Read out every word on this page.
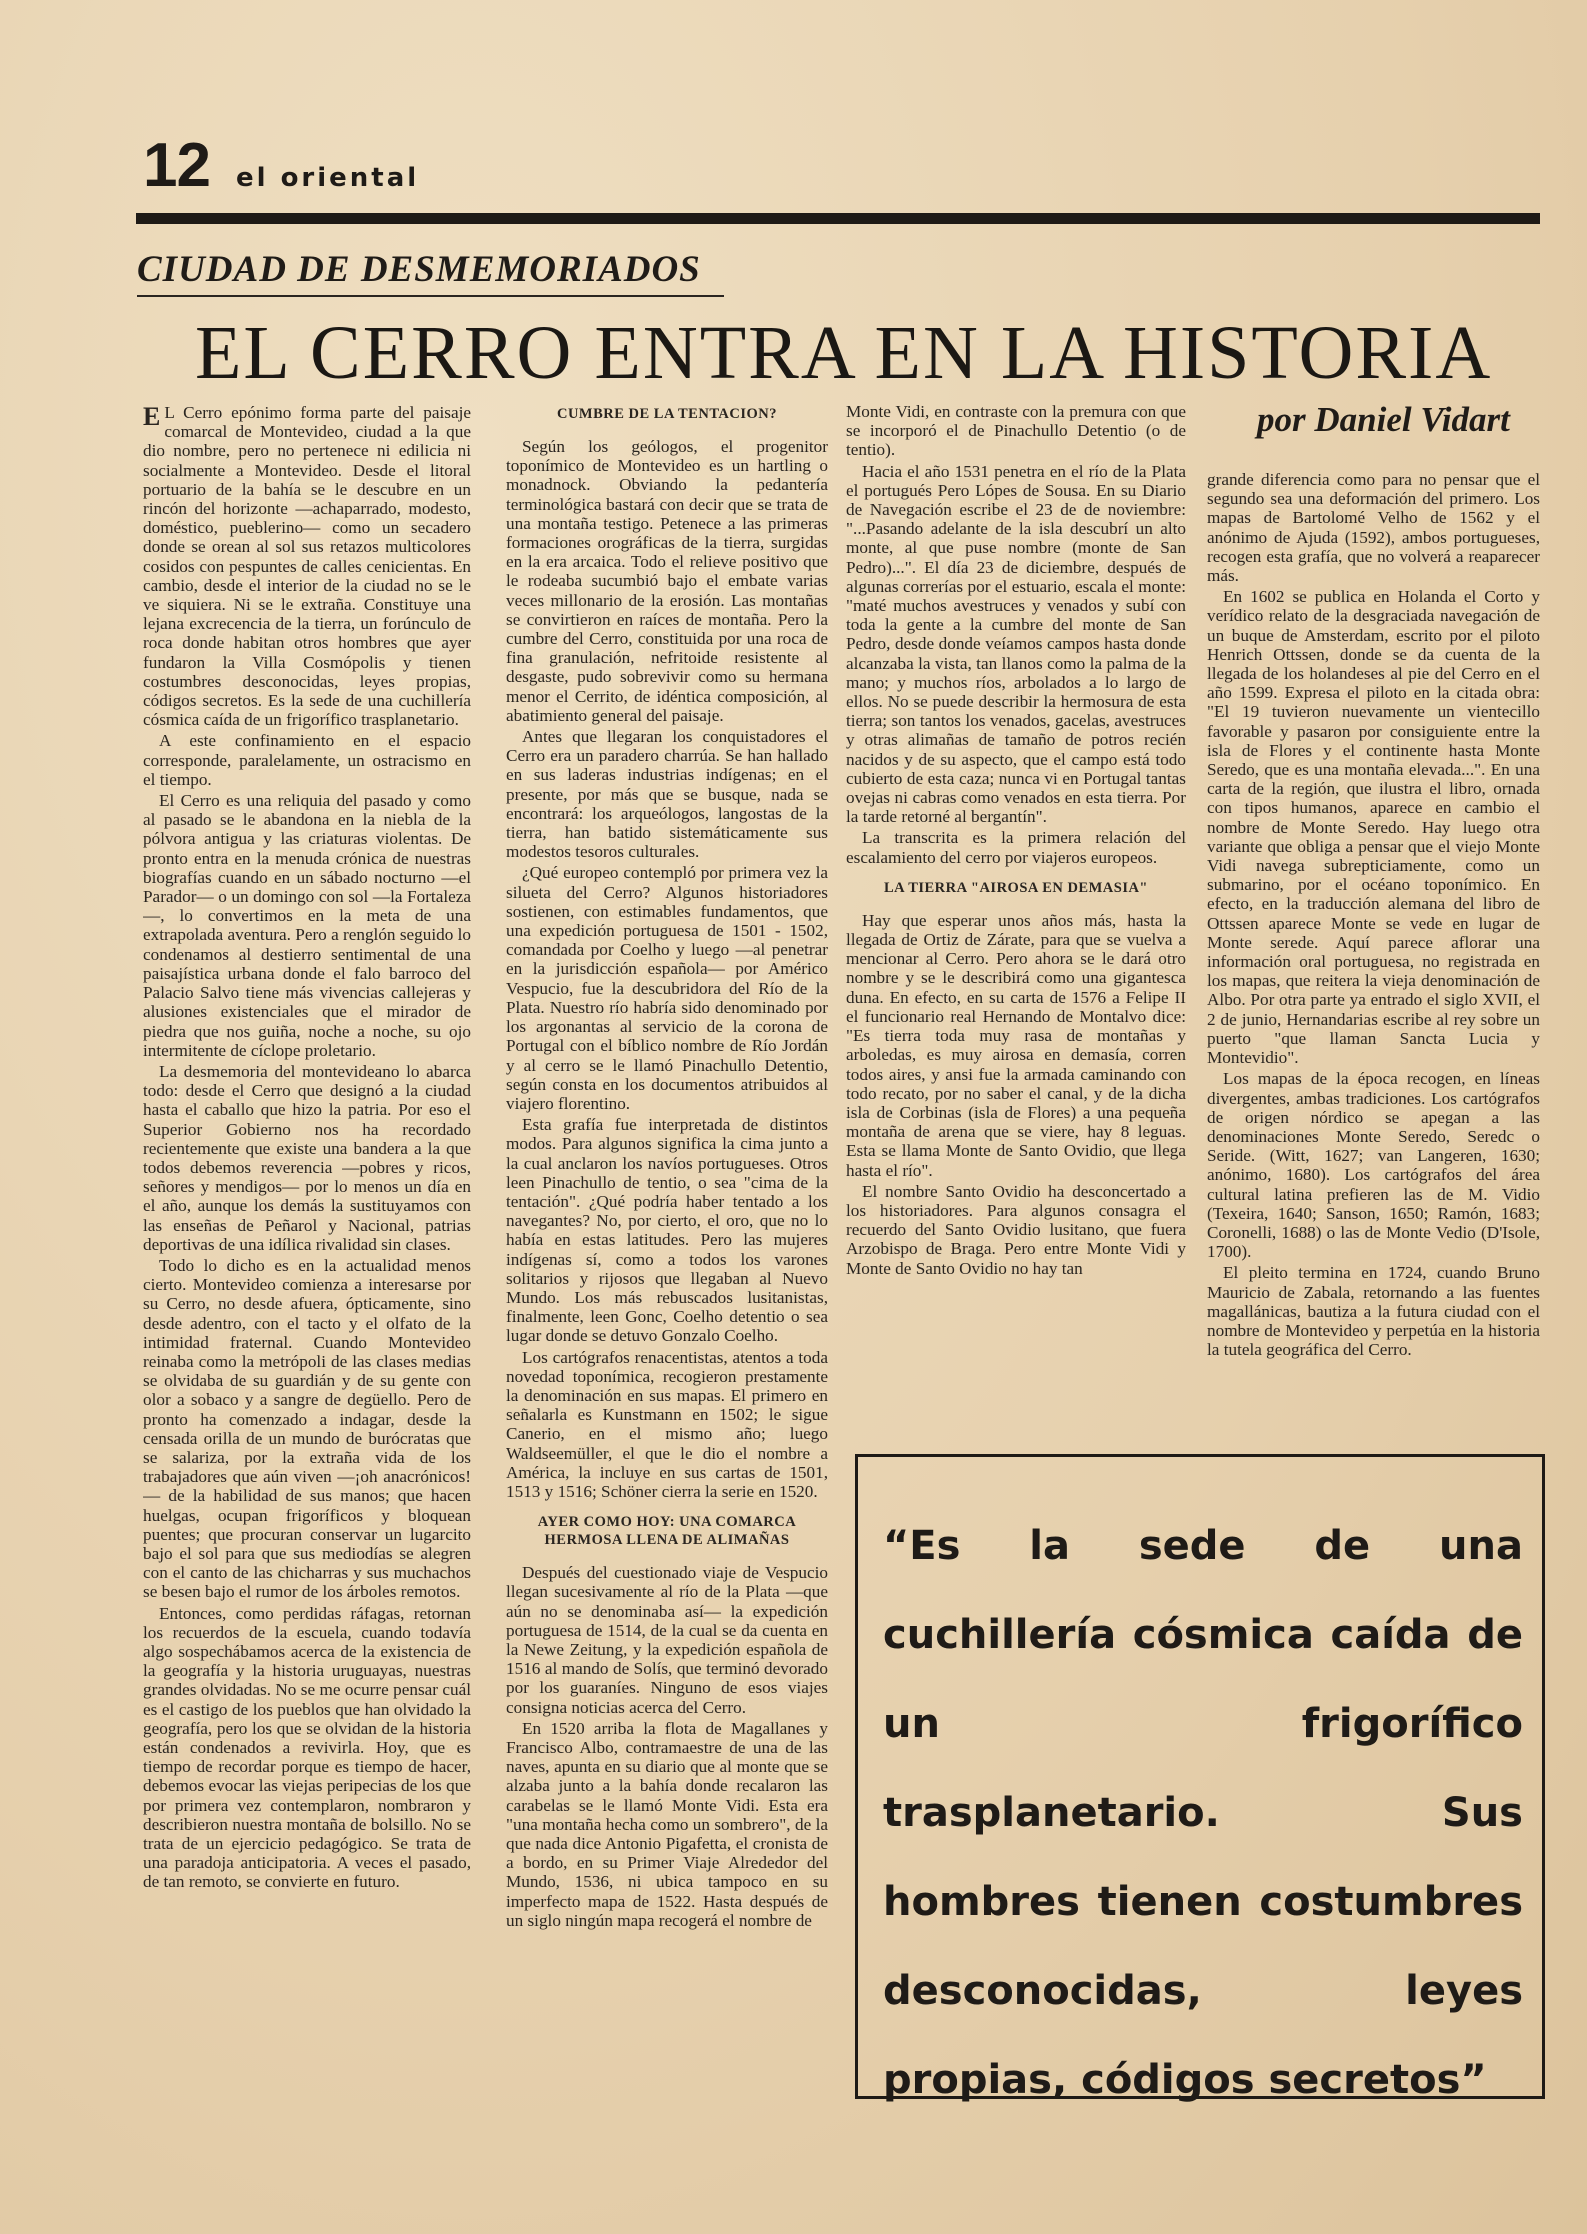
12 el oriental
CIUDAD DE DESMEMORIADOS
EL CERRO ENTRA EN LA HISTORIA
por Daniel Vidart

E L Cerro epónimo forma parte del paisaje comarcal de Montevideo, ciudad a la que dio nombre, pero no pertenece ni edilicia ni socialmente a Montevideo. Desde el litoral portuario de la bahía se le descubre en un rincón del horizonte —achaparrado, modesto, doméstico, pueblerino— como un secadero donde se orean al sol sus retazos multicolores cosidos con pespuntes de calles cenicientas. En cambio, desde el interior de la ciudad no se le ve siquiera. Ni se le extraña. Constituye una lejana excrecencia de la tierra, un forúnculo de roca donde habitan otros hombres que ayer fundaron la Villa Cosmópolis y tienen costumbres desconocidas, leyes propias, códigos secretos. Es la sede de una cuchillería cósmica caída de un frigorífico trasplanetario.

A este confinamiento en el espacio corresponde, paralelamente, un ostracismo en el tiempo.

El Cerro es una reliquia del pasado y como al pasado se le abandona en la niebla de la pólvora antigua y las criaturas violentas. De pronto entra en la menuda crónica de nuestras biografías cuando en un sábado nocturno —el Parador— o un domingo con sol —la Fortaleza—, lo convertimos en la meta de una extrapolada aventura. Pero a renglón seguido lo condenamos al destierro sentimental de una paisajística urbana donde el falo barroco del Palacio Salvo tiene más vivencias callejeras y alusiones existenciales que el mirador de piedra que nos guiña, noche a noche, su ojo intermitente de cíclope proletario.

La desmemoria del montevideano lo abarca todo: desde el Cerro que designó a la ciudad hasta el caballo que hizo la patria. Por eso el Superior Gobierno nos ha recordado recientemente que existe una bandera a la que todos debemos reverencia —pobres y ricos, señores y mendigos— por lo menos un día en el año, aunque los demás la sustituyamos con las enseñas de Peñarol y Nacional, patrias deportivas de una idílica rivalidad sin clases.

Todo lo dicho es en la actualidad menos cierto. Montevideo comienza a interesarse por su Cerro, no desde afuera, ópticamente, sino desde adentro, con el tacto y el olfato de la intimidad fraternal. Cuando Montevideo reinaba como la metrópoli de las clases medias se olvidaba de su guardián y de su gente con olor a sobaco y a sangre de degüello. Pero de pronto ha comenzado a indagar, desde la censada orilla de un mundo de burócratas que se salariza, por la extraña vida de los trabajadores que aún viven —¡oh anacrónicos!— de la habilidad de sus manos; que hacen huelgas, ocupan frigoríficos y bloquean puentes; que procuran conservar un lugarcito bajo el sol para que sus mediodías se alegren con el canto de las chicharras y sus muchachos se besen bajo el rumor de los árboles remotos.

Entonces, como perdidas ráfagas, retornan los recuerdos de la escuela, cuando todavía algo sospechábamos acerca de la existencia de la geografía y la historia uruguayas, nuestras grandes olvidadas. No se me ocurre pensar cuál es el castigo de los pueblos que han olvidado la geografía, pero los que se olvidan de la historia están condenados a revivirla. Hoy, que es tiempo de recordar porque es tiempo de hacer, debemos evocar las viejas peripecias de los que por primera vez contemplaron, nombraron y describieron nuestra montaña de bolsillo. No se trata de un ejercicio pedagógico. Se trata de una paradoja anticipatoria. A veces el pasado, de tan remoto, se convierte en futuro.

CUMBRE DE LA TENTACION?

Según los geólogos, el progenitor toponímico de Montevideo es un hartling o monadnock. Obviando la pedantería terminológica bastará con decir que se trata de una montaña testigo. Petenece a las primeras formaciones orográficas de la tierra, surgidas en la era arcaica. Todo el relieve positivo que le rodeaba sucumbió bajo el embate varias veces millonario de la erosión. Las montañas se convirtieron en raíces de montaña. Pero la cumbre del Cerro, constituida por una roca de fina granulación, nefritoide resistente al desgaste, pudo sobrevivir como su hermana menor el Cerrito, de idéntica composición, al abatimiento general del paisaje.

Antes que llegaran los conquistadores el Cerro era un paradero charrúa. Se han hallado en sus laderas industrias indígenas; en el presente, por más que se busque, nada se encontrará: los arqueólogos, langostas de la tierra, han batido sistemáticamente sus modestos tesoros culturales.

¿Qué europeo contempló por primera vez la silueta del Cerro? Algunos historiadores sostienen, con estimables fundamentos, que una expedición portuguesa de 1501 - 1502, comandada por Coelho y luego —al penetrar en la jurisdicción española— por Américo Vespucio, fue la descubridora del Río de la Plata. Nuestro río habría sido denominado por los argonantas al servicio de la corona de Portugal con el bíblico nombre de Río Jordán y al cerro se le llamó Pinachullo Detentio, según consta en los documentos atribuidos al viajero florentino.

Esta grafía fue interpretada de distintos modos. Para algunos significa la cima junto a la cual anclaron los navíos portugueses. Otros leen Pinachullo de tentio, o sea "cima de la tentación". ¿Qué podría haber tentado a los navegantes? No, por cierto, el oro, que no lo había en estas latitudes. Pero las mujeres indígenas sí, como a todos los varones solitarios y rijosos que llegaban al Nuevo Mundo. Los más rebuscados lusitanistas, finalmente, leen Gonc, Coelho detentio o sea lugar donde se detuvo Gonzalo Coelho.

Los cartógrafos renacentistas, atentos a toda novedad toponímica, recogieron prestamente la denominación en sus mapas. El primero en señalarla es Kunstmann en 1502; le sigue Canerio, en el mismo año; luego Waldseemüller, el que le dio el nombre a América, la incluye en sus cartas de 1501, 1513 y 1516; Schöner cierra la serie en 1520.

AYER COMO HOY: UNA COMARCA HERMOSA LLENA DE ALIMAÑAS

Después del cuestionado viaje de Vespucio llegan sucesivamente al río de la Plata —que aún no se denominaba así— la expedición portuguesa de 1514, de la cual se da cuenta en la Newe Zeitung, y la expedición española de 1516 al mando de Solís, que terminó devorado por los guaraníes. Ninguno de esos viajes consigna noticias acerca del Cerro.

En 1520 arriba la flota de Magallanes y Francisco Albo, contramaestre de una de las naves, apunta en su diario que al monte que se alzaba junto a la bahía donde recalaron las carabelas se le llamó Monte Vidi. Esta era "una montaña hecha como un sombrero", de la que nada dice Antonio Pigafetta, el cronista de a bordo, en su Primer Viaje Alrededor del Mundo, 1536, ni ubica tampoco en su imperfecto mapa de 1522. Hasta después de un siglo ningún mapa recogerá el nombre de

Monte Vidi, en contraste con la premura con que se incorporó el de Pinachullo Detentio (o de tentio).

Hacia el año 1531 penetra en el río de la Plata el portugués Pero Lópes de Sousa. En su Diario de Navegación escribe el 23 de de noviembre: "...Pasando adelante de la isla descubrí un alto monte, al que puse nombre (monte de San Pedro)...". El día 23 de diciembre, después de algunas correrías por el estuario, escala el monte: "maté muchos avestruces y venados y subí con toda la gente a la cumbre del monte de San Pedro, desde donde veíamos campos hasta donde alcanzaba la vista, tan llanos como la palma de la mano; y muchos ríos, arbolados a lo largo de ellos. No se puede describir la hermosura de esta tierra; son tantos los venados, gacelas, avestruces y otras alimañas de tamaño de potros recién nacidos y de su aspecto, que el campo está todo cubierto de esta caza; nunca vi en Portugal tantas ovejas ni cabras como venados en esta tierra. Por la tarde retorné al bergantín".

La transcrita es la primera relación del escalamiento del cerro por viajeros europeos.

LA TIERRA "AIROSA EN DEMASIA"

Hay que esperar unos años más, hasta la llegada de Ortiz de Zárate, para que se vuelva a mencionar al Cerro. Pero ahora se le dará otro nombre y se le describirá como una gigantesca duna. En efecto, en su carta de 1576 a Felipe II el funcionario real Hernando de Montalvo dice: "Es tierra toda muy rasa de montañas y arboledas, es muy airosa en demasía, corren todos aires, y ansi fue la armada caminando con todo recato, por no saber el canal, y de la dicha isla de Corbinas (isla de Flores) a una pequeña montaña de arena que se viere, hay 8 leguas. Esta se llama Monte de Santo Ovidio, que llega hasta el río".

El nombre Santo Ovidio ha desconcertado a los historiadores. Para algunos consagra el recuerdo del Santo Ovidio lusitano, que fuera Arzobispo de Braga. Pero entre Monte Vidi y Monte de Santo Ovidio no hay tan

grande diferencia como para no pensar que el segundo sea una deformación del primero. Los mapas de Bartolomé Velho de 1562 y el anónimo de Ajuda (1592), ambos portugueses, recogen esta grafía, que no volverá a reaparecer más.

En 1602 se publica en Holanda el Corto y verídico relato de la desgraciada navegación de un buque de Amsterdam, escrito por el piloto Henrich Ottssen, donde se da cuenta de la llegada de los holandeses al pie del Cerro en el año 1599. Expresa el piloto en la citada obra: "El 19 tuvieron nuevamente un vientecillo favorable y pasaron por consiguiente entre la isla de Flores y el continente hasta Monte Seredo, que es una montaña elevada...". En una carta de la región, que ilustra el libro, ornada con tipos humanos, aparece en cambio el nombre de Monte Seredo. Hay luego otra variante que obliga a pensar que el viejo Monte Vidi navega subrepticiamente, como un submarino, por el océano toponímico. En efecto, en la traducción alemana del libro de Ottssen aparece Monte se vede en lugar de Monte serede. Aquí parece aflorar una información oral portuguesa, no registrada en los mapas, que reitera la vieja denominación de Albo. Por otra parte ya entrado el siglo XVII, el 2 de junio, Hernandarias escribe al rey sobre un puerto "que llaman Sancta Lucia y Montevidio".

Los mapas de la época recogen, en líneas divergentes, ambas tradiciones. Los cartógrafos de origen nórdico se apegan a las denominaciones Monte Seredo, Seredc o Seride. (Witt, 1627; van Langeren, 1630; anónimo, 1680). Los cartógrafos del área cultural latina prefieren las de M. Vidio (Texeira, 1640; Sanson, 1650; Ramón, 1683; Coronelli, 1688) o las de Monte Vedio (D'Isole, 1700).

El pleito termina en 1724, cuando Bruno Mauricio de Zabala, retornando a las fuentes magallánicas, bautiza a la futura ciudad con el nombre de Montevideo y perpetúa en la historia la tutela geográfica del Cerro.

“Es la sede de una cuchillería cósmica caída de un frigorífico trasplanetario. Sus hombres tienen costumbres desconocidas, leyes propias, códigos secretos”
